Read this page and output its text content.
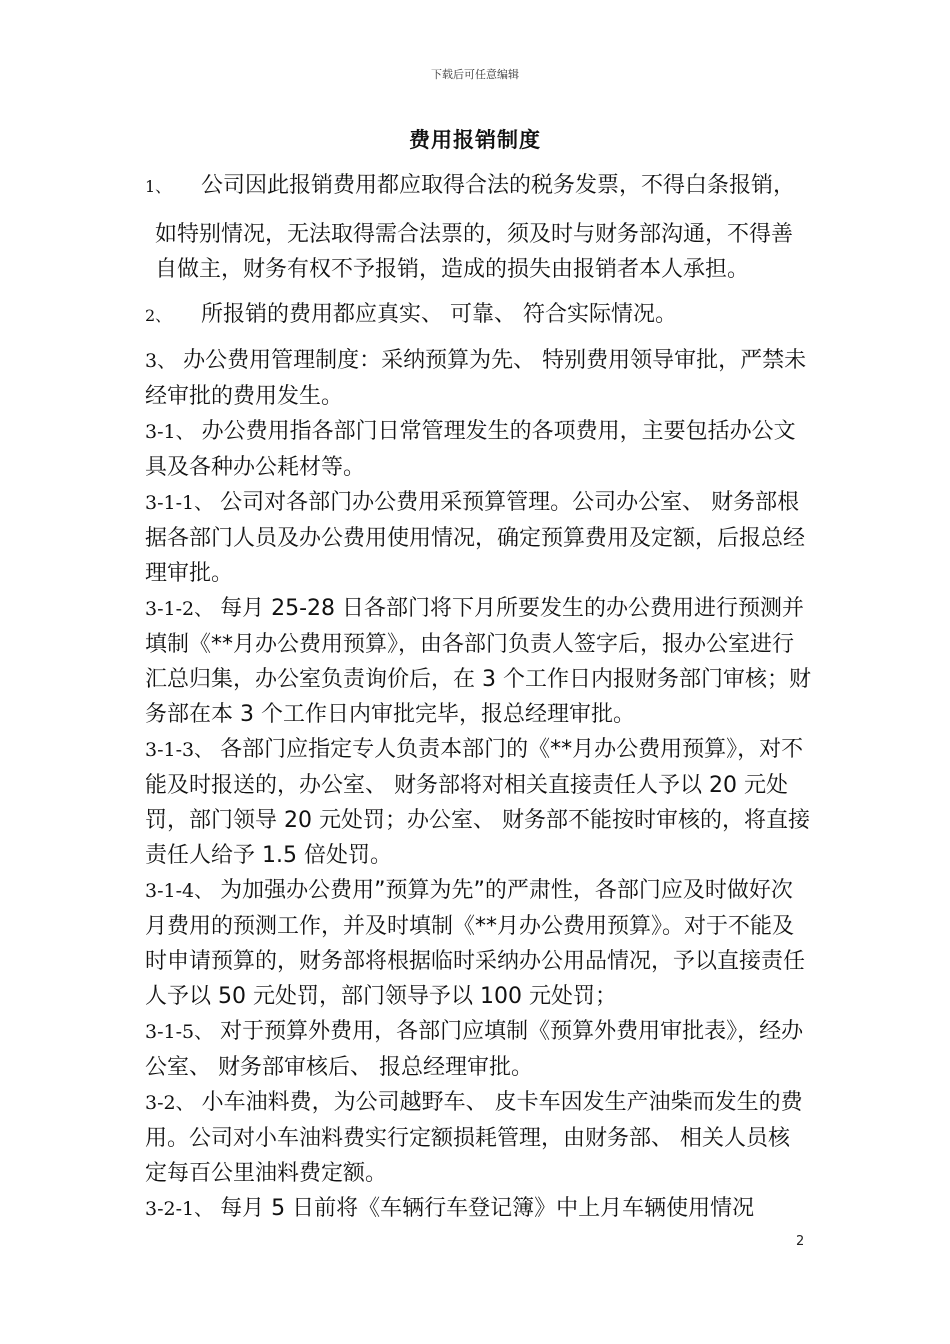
下载后可任意编辑
费用报销制度

1、 公司因此报销费用都应取得合法的税务发票，不得白条报销，

如特别情况，无法取得需合法票的，须及时与财务部沟通，不得善自做主，财务有权不予报销，造成的损失由报销者本人承担。

2、 所报销的费用都应真实、 可靠、 符合实际情况。

3、 办公费用管理制度：采纳预算为先、 特别费用领导审批，严禁未经审批的费用发生。

3-1、 办公费用指各部门日常管理发生的各项费用，主要包括办公文具及各种办公耗材等。

3-1-1、 公司对各部门办公费用采预算管理。公司办公室、 财务部根据各部门人员及办公费用使用情况，确定预算费用及定额，后报总经理审批。

3-1-2、 每月 25-28 日各部门将下月所要发生的办公费用进行预测并填制《**月办公费用预算》，由各部门负责人签字后，报办公室进行汇总归集，办公室负责询价后，在 3 个工作日内报财务部门审核；财务部在本 3 个工作日内审批完毕，报总经理审批。

3-1-3、 各部门应指定专人负责本部门的《**月办公费用预算》，对不能及时报送的，办公室、 财务部将对相关直接责任人予以 20 元处罚，部门领导 20 元处罚；办公室、 财务部不能按时审核的，将直接责任人给予 1.5 倍处罚。

3-1-4、 为加强办公费用”预算为先”的严肃性，各部门应及时做好次月费用的预测工作，并及时填制《**月办公费用预算》。对于不能及时申请预算的，财务部将根据临时采纳办公用品情况，予以直接责任人予以 50 元处罚，部门领导予以 100 元处罚；

3-1-5、 对于预算外费用，各部门应填制《预算外费用审批表》，经办公室、 财务部审核后、 报总经理审批。

3-2、 小车油料费，为公司越野车、 皮卡车因发生产油柴而发生的费用。公司对小车油料费实行定额损耗管理，由财务部、 相关人员核定每百公里油料费定额。

3-2-1、 每月 5 日前将《车辆行车登记簿》中上月车辆使用情况

2
